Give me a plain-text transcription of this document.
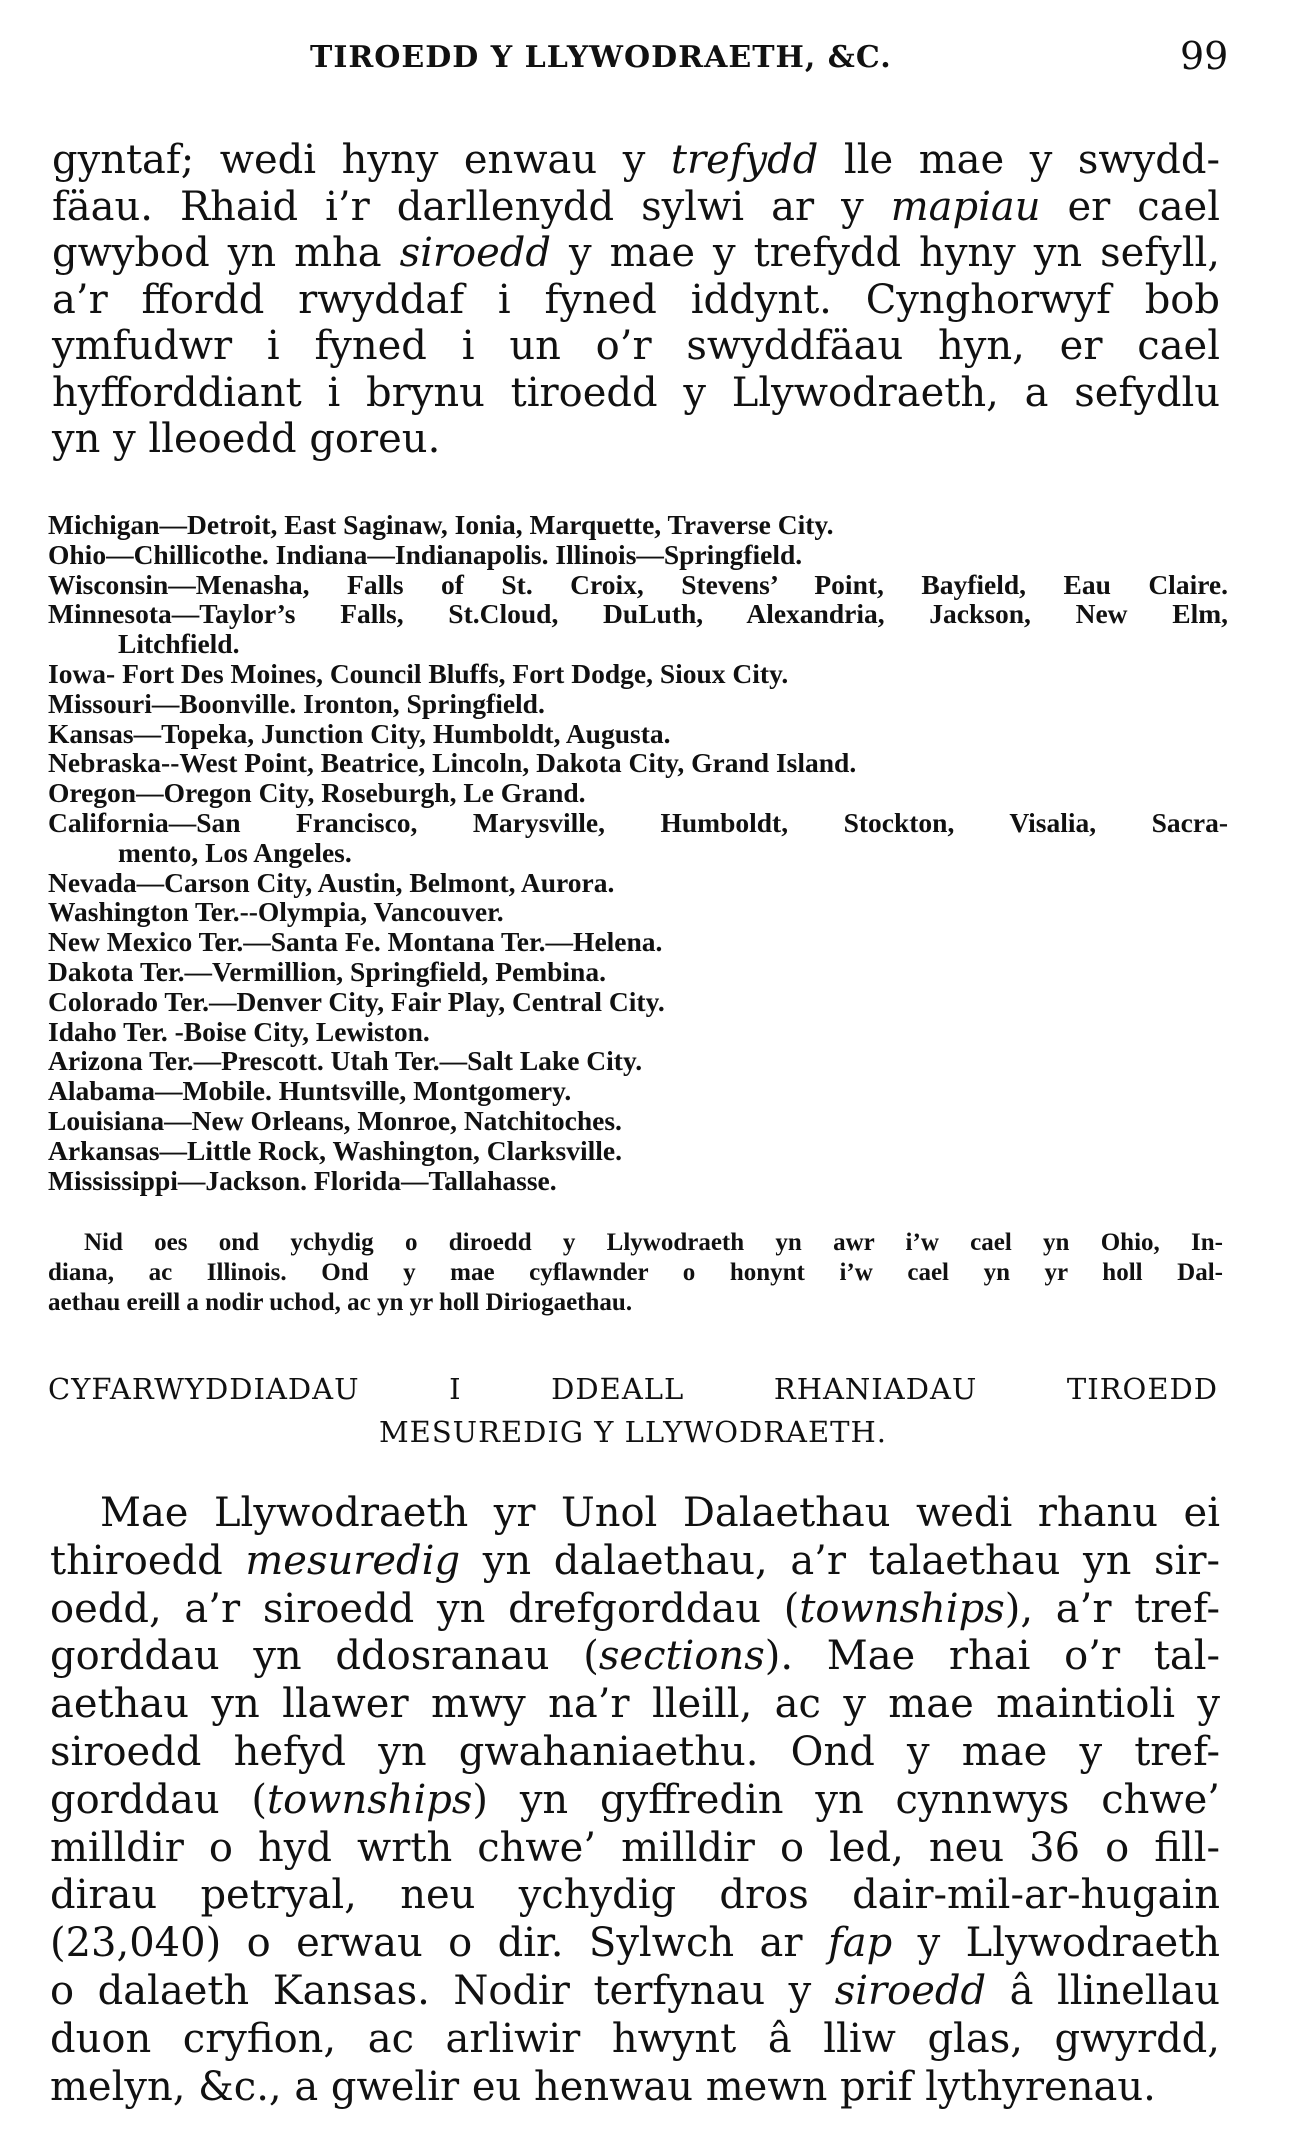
TIROEDD Y LLYWODRAETH, &C.	99
gyntaf; wedi hyny enwau y trefydd lle mae y swydd-
fäau. Rhaid i’r darllenydd sylwi ar y mapiau er cael
gwybod yn mha siroedd y mae y trefydd hyny yn sefyll,
a’r ffordd rwyddaf i fyned iddynt. Cynghorwyf bob
ymfudwr i fyned i un o’r swyddfäau hyn, er cael
hyfforddiant i brynu tiroedd y Llywodraeth, a sefydlu
yn y lleoedd goreu.
Michigan—Detroit, East Saginaw, Ionia, Marquette, Traverse City.
Ohio—Chillicothe. Indiana—Indianapolis. Illinois—Springfield.
Wisconsin—Menasha, Falls of St. Croix, Stevens’ Point, Bayfield, Eau Claire.
Minnesota—Taylor’s Falls, St.Cloud, DuLuth, Alexandria, Jackson, New Elm,
Litchfield.
Iowa- Fort Des Moines, Council Bluffs, Fort Dodge, Sioux City.
Missouri—Boonville. Ironton, Springfield.
Kansas—Topeka, Junction City, Humboldt, Augusta.
Nebraska--West Point, Beatrice, Lincoln, Dakota City, Grand Island.
Oregon—Oregon City, Roseburgh, Le Grand.
California—San Francisco, Marysville, Humboldt, Stockton, Visalia, Sacra-
mento, Los Angeles.
Nevada—Carson City, Austin, Belmont, Aurora.
Washington Ter.--Olympia, Vancouver.
New Mexico Ter.—Santa Fe. Montana Ter.—Helena.
Dakota Ter.—Vermillion, Springfield, Pembina.
Colorado Ter.—Denver City, Fair Play, Central City.
Idaho Ter. -Boise City, Lewiston.
Arizona Ter.—Prescott. Utah Ter.—Salt Lake City.
Alabama—Mobile. Huntsville, Montgomery.
Louisiana—New Orleans, Monroe, Natchitoches.
Arkansas—Little Rock, Washington, Clarksville.
Mississippi—Jackson. Florida—Tallahasse.
Nid oes ond ychydig o diroedd y Llywodraeth yn awr i’w cael yn Ohio, In-
diana, ac Illinois. Ond y mae cyflawnder o honynt i’w cael yn yr holl Dal-
aethau ereill a nodir uchod, ac yn yr holl Diriogaethau.
CYFARWYDDIADAU I DDEALL RHANIADAU TIROEDD
MESUREDIG Y LLYWODRAETH.
Mae Llywodraeth yr Unol Dalaethau wedi rhanu ei
thiroedd mesuredig yn dalaethau, a’r talaethau yn sir-
oedd, a’r siroedd yn drefgorddau (townships), a’r tref-
gorddau yn ddosranau (sections). Mae rhai o’r tal-
aethau yn llawer mwy na’r lleill, ac y mae maintioli y
siroedd hefyd yn gwahaniaethu. Ond y mae y tref-
gorddau (townships) yn gyffredin yn cynnwys chwe’
milldir o hyd wrth chwe’ milldir o led, neu 36 o fill-
dirau petryal, neu ychydig dros dair-mil-ar-hugain
(23,040) o erwau o dir. Sylwch ar fap y Llywodraeth
o dalaeth Kansas. Nodir terfynau y siroedd â llinellau
duon cryfion, ac arliwir hwynt â lliw glas, gwyrdd,
melyn, &c., a gwelir eu henwau mewn prif lythyrenau.
